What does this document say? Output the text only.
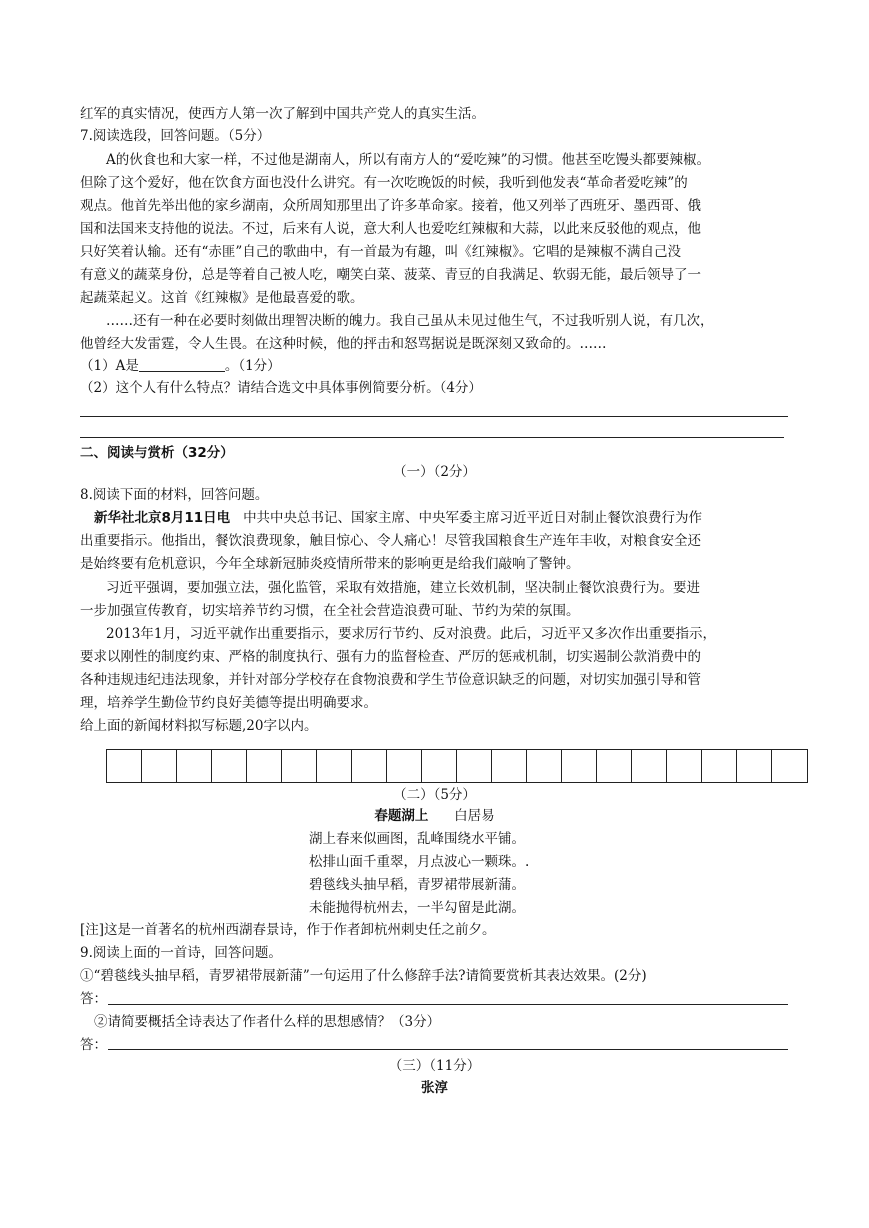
红军的真实情况，使西方人第一次了解到中国共产党人的真实生活。
7.阅读选段，回答问题。（5分）
A的伙食也和大家一样，不过他是湖南人，所以有南方人的“爱吃辣”的习惯。他甚至吃馒头都要辣椒。
但除了这个爱好，他在饮食方面也没什么讲究。有一次吃晚饭的时候，我听到他发表“革命者爱吃辣”的
观点。他首先举出他的家乡湖南，众所周知那里出了许多革命家。接着，他又列举了西班牙、墨西哥、俄
国和法国来支持他的说法。不过，后来有人说，意大利人也爱吃红辣椒和大蒜，以此来反驳他的观点，他
只好笑着认输。还有“赤匪”自己的歌曲中，有一首最为有趣，叫《红辣椒》。它唱的是辣椒不满自己没
有意义的蔬菜身份，总是等着自己被人吃，嘲笑白菜、菠菜、青豆的自我满足、软弱无能，最后领导了一
起蔬菜起义。这首《红辣椒》是他最喜爱的歌。
……还有一种在必要时刻做出理智决断的魄力。我自己虽从未见过他生气，不过我听别人说，有几次，
他曾经大发雷霆，令人生畏。在这种时候，他的抨击和怒骂据说是既深刻又致命的。……
（1）A是	。（1分）
（2）这个人有什么特点？请结合选文中具体事例简要分析。（4分）
二、阅读与赏析（32分）
（一）（2分）
8.阅读下面的材料，回答问题。
新华社北京8月11日电 中共中央总书记、国家主席、中央军委主席习近平近日对制止餐饮浪费行为作
出重要指示。他指出，餐饮浪费现象，触目惊心、令人痛心！尽管我国粮食生产连年丰收，对粮食安全还
是始终要有危机意识，今年全球新冠肺炎疫情所带来的影响更是给我们敲响了警钟。
习近平强调，要加强立法，强化监管，采取有效措施，建立长效机制，坚决制止餐饮浪费行为。要进
一步加强宣传教育，切实培养节约习惯，在全社会营造浪费可耻、节约为荣的氛围。
2013年1月，习近平就作出重要指示，要求厉行节约、反对浪费。此后，习近平又多次作出重要指示，
要求以刚性的制度约束、严格的制度执行、强有力的监督检查、严厉的惩戒机制，切实遏制公款消费中的
各种违规违纪违法现象，并针对部分学校存在食物浪费和学生节俭意识缺乏的问题，对切实加强引导和管
理，培养学生勤俭节约良好美德等提出明确要求。
给上面的新闻材料拟写标题,20字以内。
（二）（5分）
春题湖上 白居易
湖上春来似画图，乱峰围绕水平铺。
松排山面千重翠，月点波心一颗珠。.
碧毯线头抽早稻，青罗裙带展新蒲。
未能抛得杭州去，一半勾留是此湖。
[注]这是一首著名的杭州西湖春景诗，作于作者卸杭州刺史任之前夕。
9.阅读上面的一首诗，回答问题。
①“碧毯线头抽早稻，青罗裙带展新蒲”一句运用了什么修辞手法?请简要赏析其表达效果。(2分)
答：
②请简要概括全诗表达了作者什么样的思想感情？（3分）
答：
（三）（11分）
张淳
